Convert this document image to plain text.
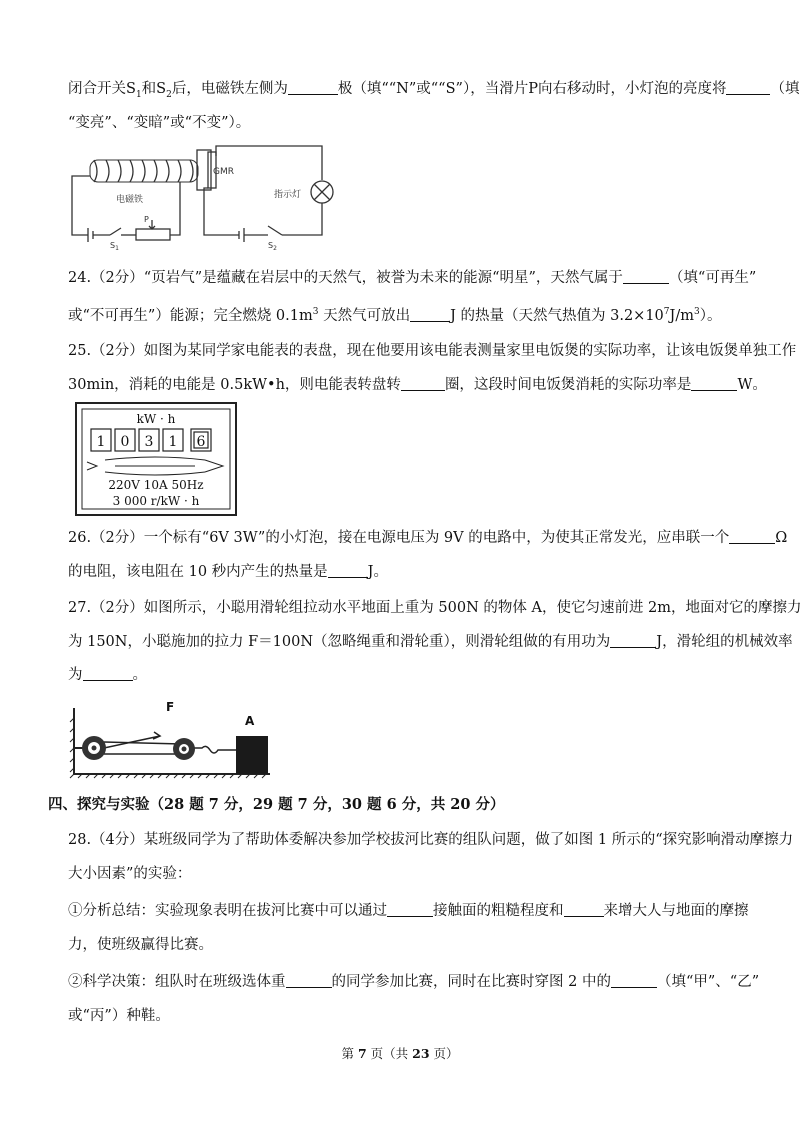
闭合开关$S_1$和$S_2$后，电磁铁左侧为	极（填““N”或““S”），当滑片P向右移动时，小灯泡的亮度将	（填
“变亮”、“变暗”或“不变”）。
GMR
指示灯
电磁铁
P
$S_1$	$S_2$
24.（2分）“页岩气”是蕴藏在岩层中的天然气，被誉为未来的能源“明星”，天然气属于	（填“可再生”
或“不可再生”）能源；完全燃烧 $0.1m^3$ 天然气可放出	J 的热量（天然气热值为 $3.2\times 10^7J/m^3$）。
25.（2分）如图为某同学家电能表的表盘，现在他要用该电能表测量家里电饭煲的实际功率，让该电饭煲单独工作
30min，消耗的电能是 0.5kW•h，则电能表转盘转	圈，这段时间电饭煲消耗的实际功率是	W。
kW · h
1 0 3 1 6
220V 10A 50Hz
3 000 r/kW · h
26.（2分）一个标有“6V 3W”的小灯泡，接在电源电压为 9V 的电路中，为使其正常发光，应串联一个	Ω
的电阻，该电阻在 10 秒内产生的热量是	J。
27.（2分）如图所示，小聪用滑轮组拉动水平地面上重为 500N 的物体 A，使它匀速前进 2m，地面对它的摩擦力
为 150N，小聪施加的拉力 F＝100N（忽略绳重和滑轮重），则滑轮组做的有用功为	J，滑轮组的机械效率
为	。
F
A
四、探究与实验（28 题 7 分，29 题 7 分，30 题 6 分，共 20 分）
28.（4分）某班级同学为了帮助体委解决参加学校拔河比赛的组队问题，做了如图 1 所示的“探究影响滑动摩擦力
大小因素”的实验：
①分析总结：实验现象表明在拔河比赛中可以通过	接触面的粗糙程度和	来增大人与地面的摩擦
力，使班级赢得比赛。
②科学决策：组队时在班级选体重	的同学参加比赛，同时在比赛时穿图 2 中的	（填“甲”、“乙”
或“丙”）种鞋。
第 7 页（共 23 页）
